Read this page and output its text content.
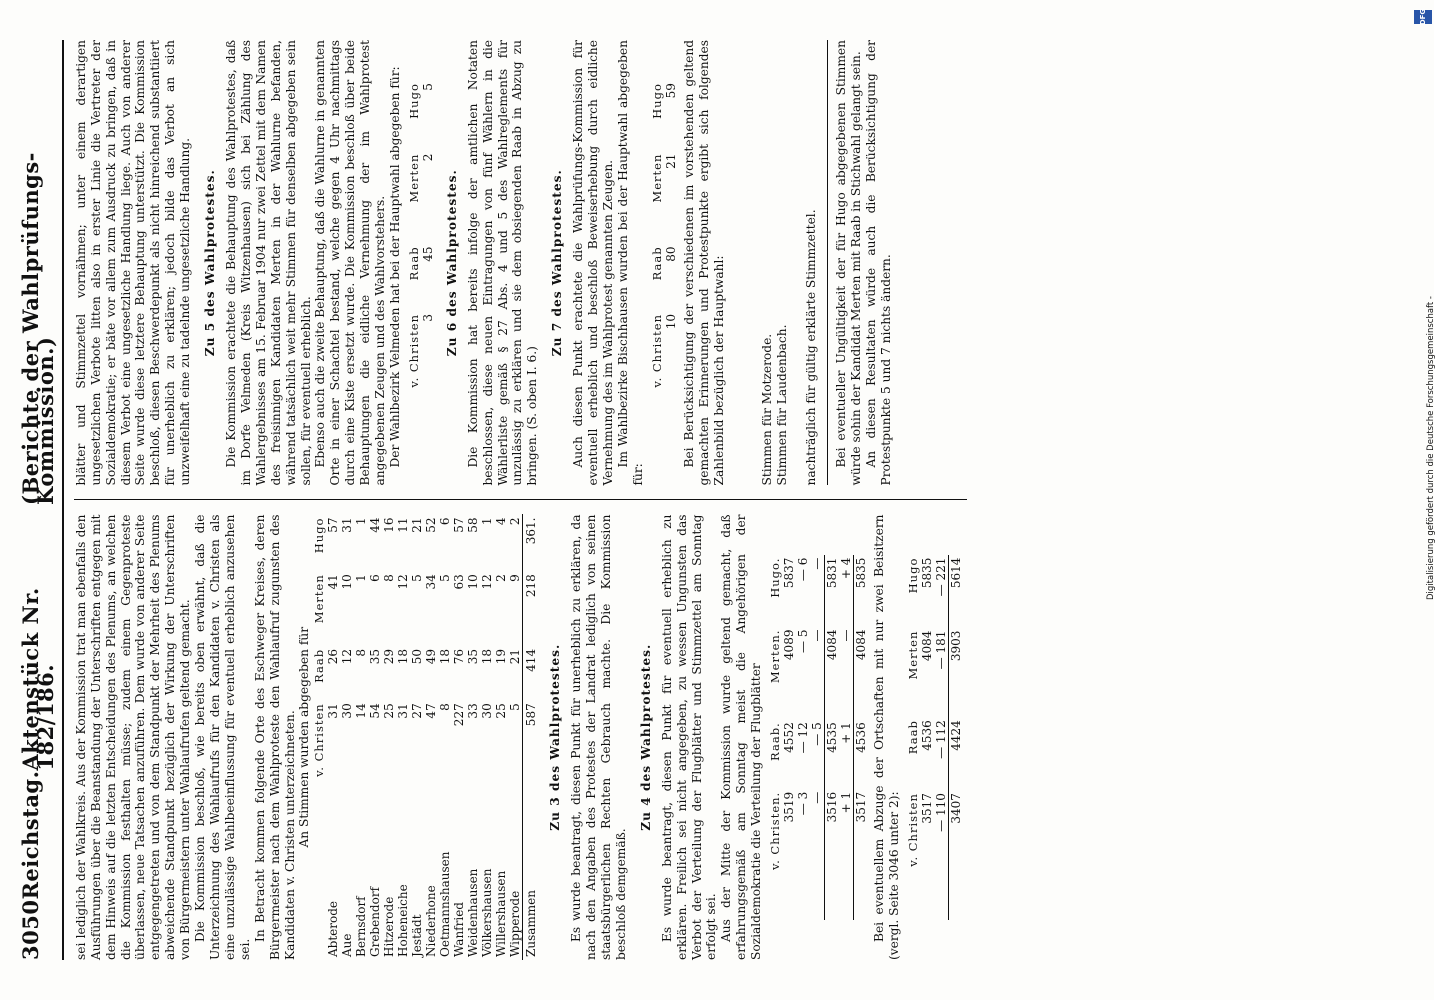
3050
Reichstag.
Aktenstück Nr. 182/186.
(Berichte der Wahlprüfungs-Kommission.)

sei lediglich der Wahlkreis. Aus der Kommission trat man ebenfalls den Ausführungen über die Beanstandung der Unterschriften entgegen mit dem Hinweis auf die letzten Entscheidungen des Plenums, an welchen die Kommission festhalten müsse; zudem einem Gegenproteste überlassen, neue Tatsachen anzuführen. Dem wurde von anderer Seite entgegengetreten und von dem Standpunkt der Mehrheit des Plenums abweichende Standpunkt bezüglich der Wirkung der Unterschriften von Bürgermeistern unter Wahlaufrufen geltend gemacht. Die Kommission beschloß, wie bereits oben erwähnt, daß die Unterzeichnung des Wahlaufrufs für den Kandidaten v. Christen als eine unzulässige Wahlbeeinflussung für eventuell erheblich anzusehen sei.

In Betracht kommen folgende Orte des Eschweger Kreises, deren Bürgermeister nach dem Wahlproteste den Wahlaufruf zugunsten des Kandidaten v. Christen unterzeichneten. An Stimmen wurden abgegeben für
	v. Christen	Raab	Merten	Hugo
Abterode	31	26	41	57
Aue	30	12	10	31
Bernsdorf	14	8	1	1
Grebendorf	54	35	6	44
Hitzerode	25	29	8	16
Hoheneiche	31	18	12	11
Jestädt	27	50	5	21
Niederhone	47	49	34	52
Oetmannshausen	8	18	5	6
Wanfried	227	76	63	57
Weidenhausen	33	35	10	58
Völkershausen	30	18	12	1
Willershausen	25	19	2	4
Wipperode	5	21	9	2
Zusammen	587	414	218	361.
Zu 3 des Wahlprotestes. Es wurde beantragt, diesen Punkt für unerheblich zu erklären, da nach den Angaben des Protestes der Landrat lediglich von seinen staatsbürgerlichen Rechten Gebrauch machte. Die Kommission beschloß demgemäß.

Zu 4 des Wahlprotestes. Es wurde beantragt, diesen Punkt für eventuell erheblich zu erklären. Freilich sei nicht angegeben, zu wessen Ungunsten das Verbot der Verteilung der Flugblätter und Stimmzettel am Sonntag erfolgt sei. Aus der Mitte der Kommission wurde geltend gemacht, daß erfahrungsgemäß am Sonntag meist die Angehörigen der Sozialdemokratie die Verteilung der Flugblätter v. Christen.	Raab.	Merten.	Hugo.
3519	4552	4089	5837
— 3	— 12	— 5	— 6
—	— 5	—	—
3516	4535	4084	5831
+ 1	+ 1	—	+ 4
3517	4536	4084	5835 Bei eventuellem Abzuge der Ortschaften mit nur zwei Beisitzern (vergl. Seite 3046 unter 2): v. Christen	Raab	Merten	Hugo
3517	4536	4084	5835
— 110	— 112	— 181	— 221
3407	4424	3903	5614

blätter und Stimmzettel vornähmen; unter einem derartigen ungesetzlichen Verbote litten also in erster Linie die Vertreter der Sozialdemokratie; er bäte vor allem zum Ausdruck zu bringen, daß in diesem Verbot eine ungesetzliche Handlung liege. Auch von anderer Seite wurde diese letztere Behauptung unterstützt. Die Kommission beschloß, diesen Beschwerdepunkt als nicht hinreichend substantiiert für unerheblich zu erklären; jedoch bilde das Verbot an sich unzweifelhaft eine zu tadelnde ungesetzliche Handlung. Zu 5 des Wahlprotestes. Die Kommission erachtete die Behauptung des Wahlprotestes, daß im Dorfe Velmeden (Kreis Witzenhausen) sich bei Zählung des Wahlergebnisses am 15. Februar 1904 nur zwei Zettel mit dem Namen des freisinnigen Kandidaten Merten in der Wahlurne befanden, während tatsächlich weit mehr Stimmen für denselben abgegeben sein sollen, für eventuell erheblich. Ebenso auch die zweite Behauptung, daß die Wahlurne in genannten Orte in einer Schachtel bestand, welche gegen 4 Uhr nachmittags durch eine Kiste ersetzt wurde. Die Kommission beschloß über beide Behauptungen die eidliche Vernehmung der im Wahlprotest angegebenen Zeugen und des Wahlvorstehers. Der Wahlbezirk Velmeden hat bei der Hauptwahl abgegeben für: v. Christen	Raab	Merten	Hugo
3	45	2	5
Zu 6 des Wahlprotestes. Die Kommission hat bereits infolge der amtlichen Notaten beschlossen, diese neuen Eintragungen von fünf Wählern in die Wählerliste gemäß § 27 Abs. 4 und 5 des Wahlreglements für unzulässig zu erklären und sie dem obsiegenden Raab in Abzug zu bringen. (S. oben I. 6.)

Zu 7 des Wahlprotestes. Auch diesen Punkt erachtete die Wahlprüfungs-Kommission für eventuell erheblich und beschloß Beweiserhebung durch eidliche Vernehmung des im Wahlprotest genannten Zeugen. Im Wahlbezirke Bischhausen wurden bei der Hauptwahl abgegeben für:

v. Christen	Raab	Merten	Hugo
10	80	21	59 Bei Berücksichtigung der verschiedenen im vorstehenden geltend gemachten Erinnerungen und Protestpunkte ergibt sich folgendes Zahlenbild bezüglich der Hauptwahl:	Stimmen für Motzerode. Stimmen für Laudenbach. nachträglich für gültig erklärte Stimmzettel. Bei eventueller Ungültigkeit der für Hugo abgegebenen Stimmen würde sohin der Kandidat Merten mit Raab in Stichwahl gelangt sein. An diesen Resultaten würde auch die Berücksichtigung der Protestpunkte 5 und 7 nichts ändern.

DFG
Digitalisierung gefördert durch die Deutsche Forschungsgemeinschaft -
